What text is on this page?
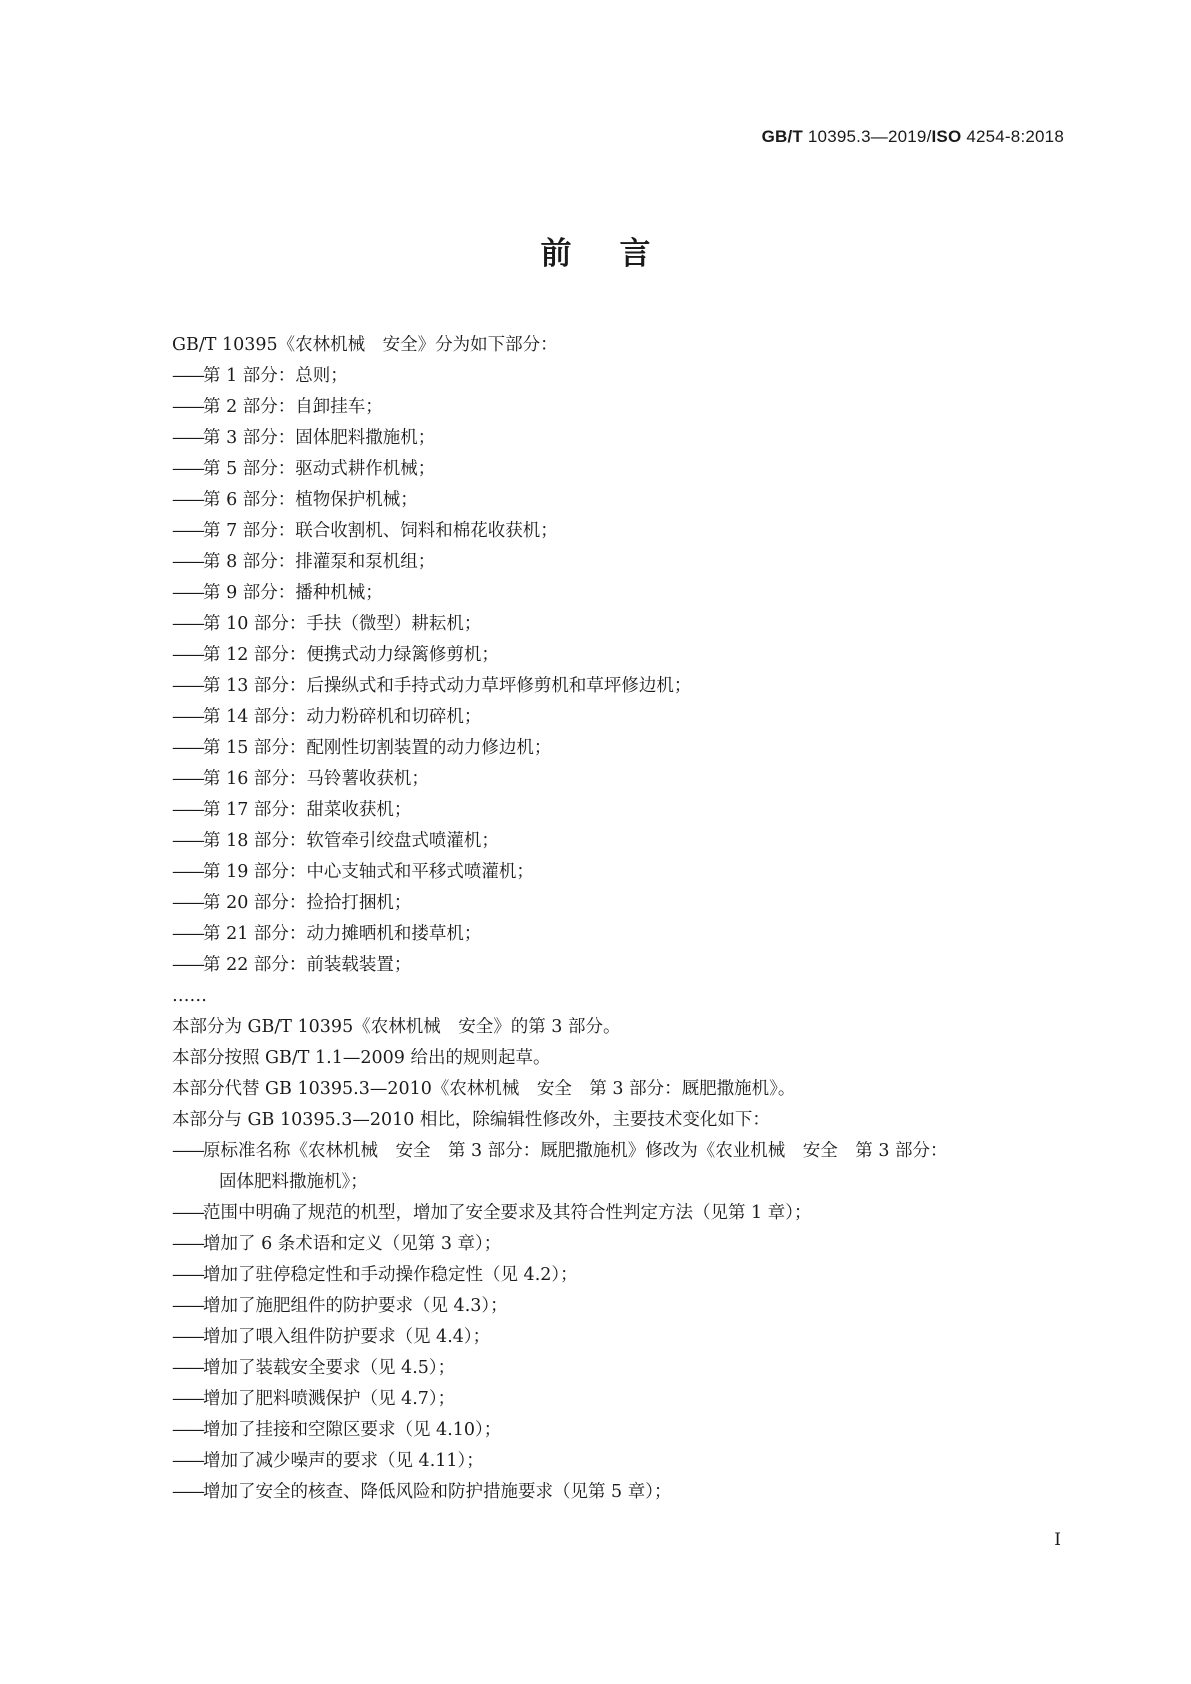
GB/T 10395.3—2019/ISO 4254-8:2018
前言
GB/T 10395《农林机械　安全》分为如下部分：
——第 1 部分：总则；
——第 2 部分：自卸挂车；
——第 3 部分：固体肥料撒施机；
——第 5 部分：驱动式耕作机械；
——第 6 部分：植物保护机械；
——第 7 部分：联合收割机、饲料和棉花收获机；
——第 8 部分：排灌泵和泵机组；
——第 9 部分：播种机械；
——第 10 部分：手扶（微型）耕耘机；
——第 12 部分：便携式动力绿篱修剪机；
——第 13 部分：后操纵式和手持式动力草坪修剪机和草坪修边机；
——第 14 部分：动力粉碎机和切碎机；
——第 15 部分：配刚性切割装置的动力修边机；
——第 16 部分：马铃薯收获机；
——第 17 部分：甜菜收获机；
——第 18 部分：软管牵引绞盘式喷灌机；
——第 19 部分：中心支轴式和平移式喷灌机；
——第 20 部分：捡拾打捆机；
——第 21 部分：动力摊晒机和搂草机；
——第 22 部分：前装载装置；
……
本部分为 GB/T 10395《农林机械　安全》的第 3 部分。
本部分按照 GB/T 1.1—2009 给出的规则起草。
本部分代替 GB 10395.3—2010《农林机械　安全　第 3 部分：厩肥撒施机》。
本部分与 GB 10395.3—2010 相比，除编辑性修改外，主要技术变化如下：
——原标准名称《农林机械　安全　第 3 部分：厩肥撒施机》修改为《农业机械　安全　第 3 部分：
固体肥料撒施机》；
——范围中明确了规范的机型，增加了安全要求及其符合性判定方法（见第 1 章）；
——增加了 6 条术语和定义（见第 3 章）；
——增加了驻停稳定性和手动操作稳定性（见 4.2）；
——增加了施肥组件的防护要求（见 4.3）；
——增加了喂入组件防护要求（见 4.4）；
——增加了装载安全要求（见 4.5）；
——增加了肥料喷溅保护（见 4.7）；
——增加了挂接和空隙区要求（见 4.10）；
——增加了减少噪声的要求（见 4.11）；
——增加了安全的核查、降低风险和防护措施要求（见第 5 章）；
I
